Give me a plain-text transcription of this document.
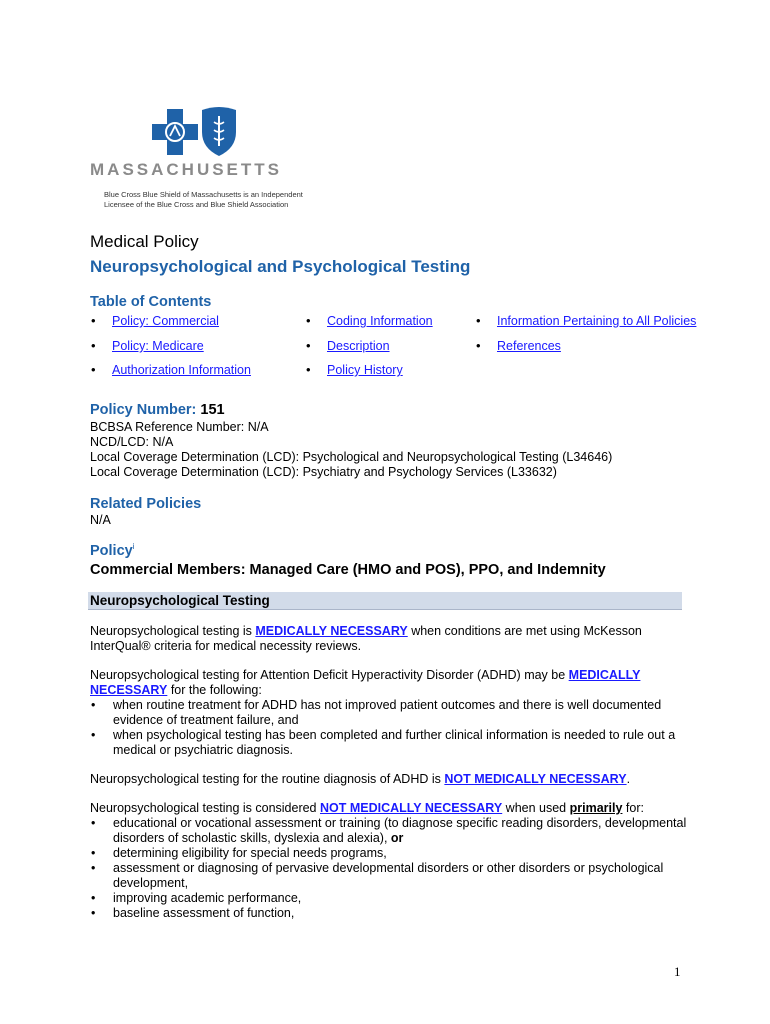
MASSACHUSETTS
Blue Cross Blue Shield of Massachusetts is an Independent
Licensee of the Blue Cross and Blue Shield Association
Medical Policy
Neuropsychological and Psychological Testing
Table of Contents
• Policy: Commercial	• Coding Information	• Information Pertaining to All Policies
• Policy: Medicare	• Description	• References
• Authorization Information	• Policy History
Policy Number: 151
BCBSA Reference Number: N/A
NCD/LCD: N/A
Local Coverage Determination (LCD): Psychological and Neuropsychological Testing (L34646)
Local Coverage Determination (LCD): Psychiatry and Psychology Services (L33632)
Related Policies
N/A
Policy$^i$
Commercial Members: Managed Care (HMO and POS), PPO, and Indemnity
Neuropsychological Testing

Neuropsychological testing is MEDICALLY NECESSARY when conditions are met using McKesson InterQual® criteria for medical necessity reviews.

Neuropsychological testing for Attention Deficit Hyperactivity Disorder (ADHD) may be MEDICALLY NECESSARY for the following:

• when routine treatment for ADHD has not improved patient outcomes and there is well documented evidence of treatment failure, and
• when psychological testing has been completed and further clinical information is needed to rule out a medical or psychiatric diagnosis.

Neuropsychological testing for the routine diagnosis of ADHD is NOT MEDICALLY NECESSARY.

Neuropsychological testing is considered NOT MEDICALLY NECESSARY when used primarily for:

• educational or vocational assessment or training (to diagnose specific reading disorders, developmental disorders of scholastic skills, dyslexia and alexia), or
• determining eligibility for special needs programs,
• assessment or diagnosing of pervasive developmental disorders or other disorders or psychological development,
• improving academic performance,
• baseline assessment of function,
1
